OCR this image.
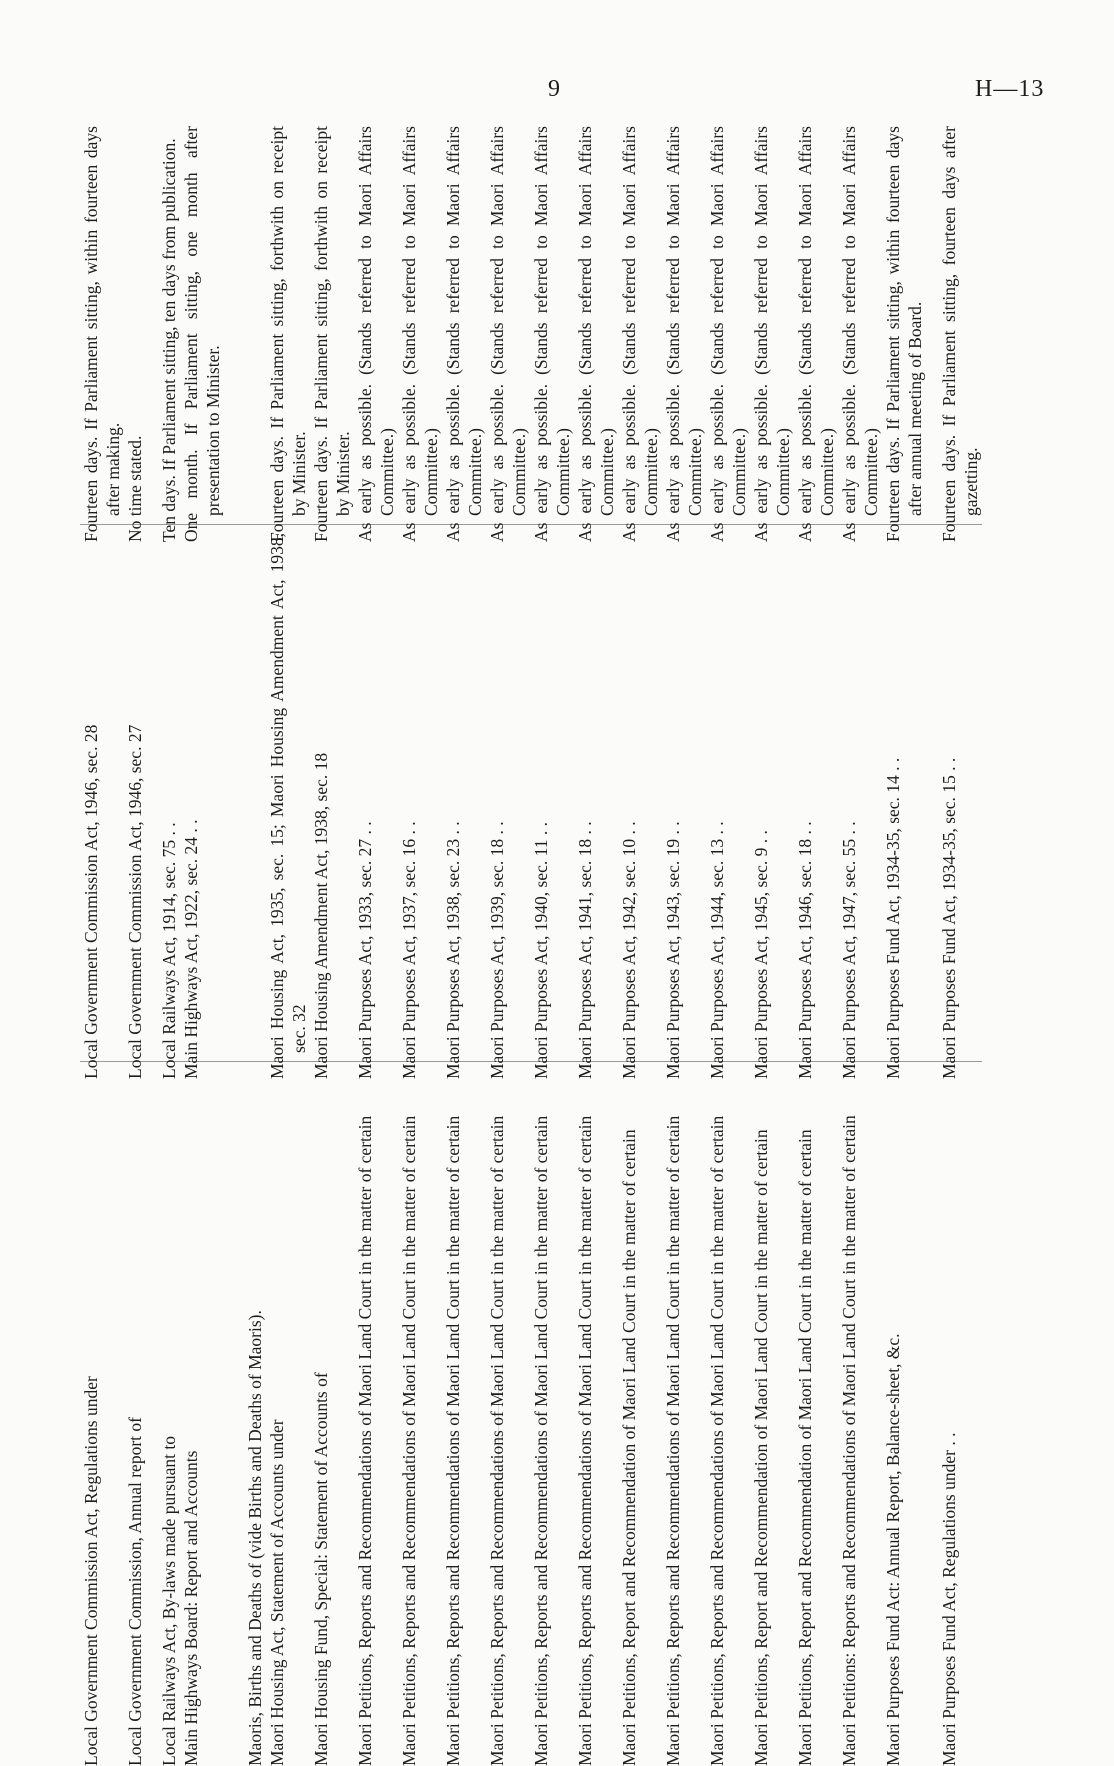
9	H—13
Local Government Commission Act, Regulations under	Local Government Commission Act, 1946, sec. 28	Fourteen days. If Parliament sitting, within fourteen days after making.
Local Government Commission, Annual report of	Local Government Commission Act, 1946, sec. 27	No time stated.

Local Railways Act, By-laws made pursuant to	Local Railways Act, 1914, sec. 75 . .	Ten days. If Parliament sitting, ten days from publication.
Main Highways Board: Report and Accounts	Main Highways Act, 1922, sec. 24 . .	One month. If Parliament sitting, one month after presentation to Minister.

Maoris, Births and Deaths of (vide Births and Deaths of Maoris).		
Maori Housing Act, Statement of Accounts under	Maori Housing Act, 1935, sec. 15; Maori Housing Amendment Act, 1938, sec. 32	Fourteen days. If Parliament sitting, forthwith on receipt by Minister.
Maori Housing Fund, Special: Statement of Accounts of	Maori Housing Amendment Act, 1938, sec. 18	Fourteen days. If Parliament sitting, forthwith on receipt by Minister.
Maori Petitions, Reports and Recommendations of Maori Land Court in the matter of certain	Maori Purposes Act, 1933, sec. 27 . .	As early as possible. (Stands referred to Maori Affairs Committee.)
Maori Petitions, Reports and Recommendations of Maori Land Court in the matter of certain	Maori Purposes Act, 1937, sec. 16 . .	As early as possible. (Stands referred to Maori Affairs Committee.)
Maori Petitions, Reports and Recommendations of Maori Land Court in the matter of certain	Maori Purposes Act, 1938, sec. 23 . .	As early as possible. (Stands referred to Maori Affairs Committee.)
Maori Petitions, Reports and Recommendations of Maori Land Court in the matter of certain	Maori Purposes Act, 1939, sec. 18 . .	As early as possible. (Stands referred to Maori Affairs Committee.)
Maori Petitions, Reports and Recommendations of Maori Land Court in the matter of certain	Maori Purposes Act, 1940, sec. 11 . .	As early as possible. (Stands referred to Maori Affairs Committee.)
Maori Petitions, Reports and Recommendations of Maori Land Court in the matter of certain	Maori Purposes Act, 1941, sec. 18 . .	As early as possible. (Stands referred to Maori Affairs Committee.)
Maori Petitions, Report and Recommendation of Maori Land Court in the matter of certain	Maori Purposes Act, 1942, sec. 10 . .	As early as possible. (Stands referred to Maori Affairs Committee.)
Maori Petitions, Reports and Recommendations of Maori Land Court in the matter of certain	Maori Purposes Act, 1943, sec. 19 . .	As early as possible. (Stands referred to Maori Affairs Committee.)
Maori Petitions, Reports and Recommendations of Maori Land Court in the matter of certain	Maori Purposes Act, 1944, sec. 13 . .	As early as possible. (Stands referred to Maori Affairs Committee.)
Maori Petitions, Report and Recommendation of Maori Land Court in the matter of certain	Maori Purposes Act, 1945, sec. 9 . .	As early as possible. (Stands referred to Maori Affairs Committee.)
Maori Petitions, Report and Recommendation of Maori Land Court in the matter of certain	Maori Purposes Act, 1946, sec. 18 . .	As early as possible. (Stands referred to Maori Affairs Committee.)
Maori Petitions: Reports and Recommendations of Maori Land Court in the matter of certain	Maori Purposes Act, 1947, sec. 55 . .	As early as possible. (Stands referred to Maori Affairs Committee.)
Maori Purposes Fund Act: Annual Report, Balance-sheet, &c.	Maori Purposes Fund Act, 1934-35, sec. 14 . .	Fourteen days. If Parliament sitting, within fourteen days after annual meeting of Board.

Maori Purposes Fund Act, Regulations under . .	Maori Purposes Fund Act, 1934-35, sec. 15 . .	Fourteen days. If Parliament sitting, fourteen days after gazetting.
